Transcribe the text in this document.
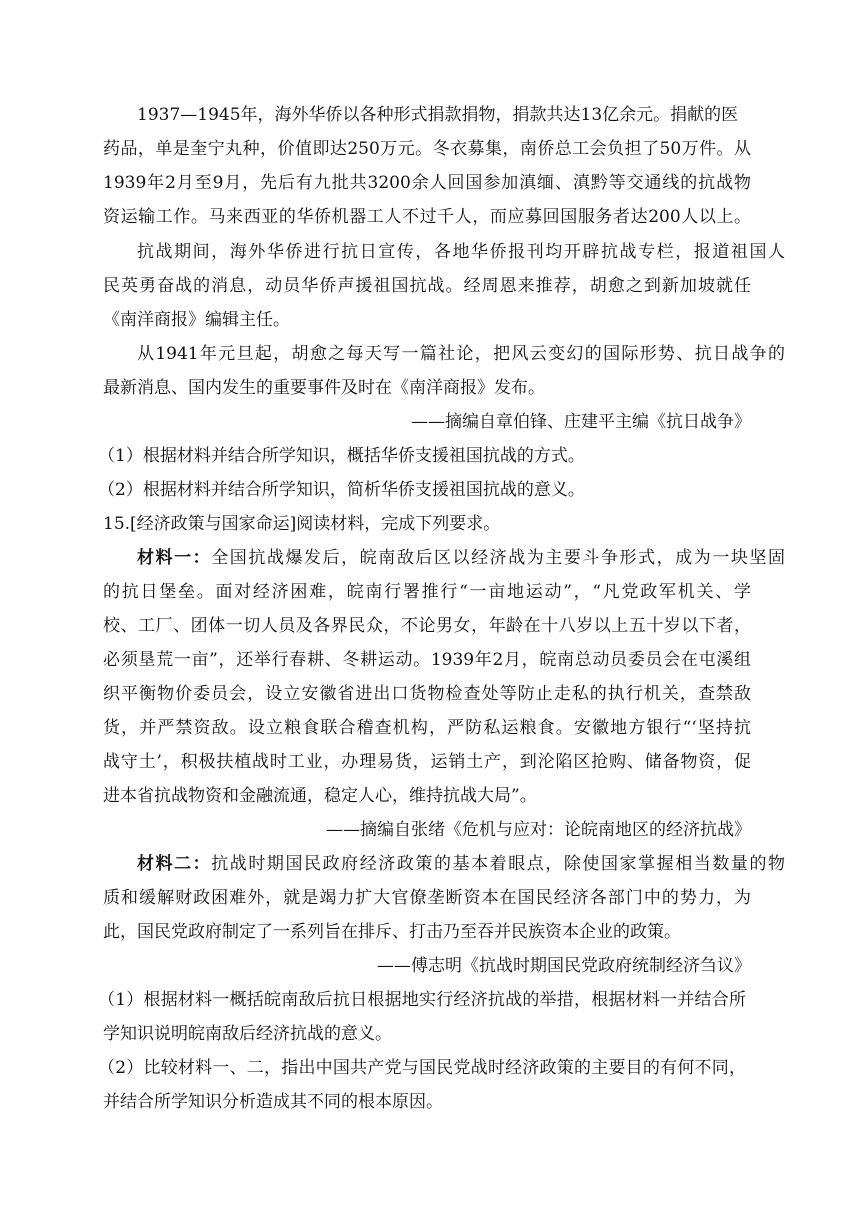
1937—1945年，海外华侨以各种形式捐款捐物，捐款共达13亿余元。捐献的医
药品，单是奎宁丸种，价值即达250万元。冬衣募集，南侨总工会负担了50万件。从
1939年2月至9月，先后有九批共3200余人回国参加滇缅、滇黔等交通线的抗战物
资运输工作。马来西亚的华侨机器工人不过千人，而应募回国服务者达200人以上。
抗战期间，海外华侨进行抗日宣传，各地华侨报刊均开辟抗战专栏，报道祖国人
民英勇奋战的消息，动员华侨声援祖国抗战。经周恩来推荐，胡愈之到新加坡就任
《南洋商报》编辑主任。
从1941年元旦起，胡愈之每天写一篇社论，把风云变幻的国际形势、抗日战争的
最新消息、国内发生的重要事件及时在《南洋商报》发布。
——摘编自章伯锋、庄建平主编《抗日战争》
（1）根据材料并结合所学知识，概括华侨支援祖国抗战的方式。
（2）根据材料并结合所学知识，简析华侨支援祖国抗战的意义。
15.[经济政策与国家命运]阅读材料，完成下列要求。
材料一：全国抗战爆发后，皖南敌后区以经济战为主要斗争形式，成为一块坚固
的抗日堡垒。面对经济困难，皖南行署推行“一亩地运动”，“凡党政军机关、学
校、工厂、团体一切人员及各界民众，不论男女，年龄在十八岁以上五十岁以下者，
必须垦荒一亩”，还举行春耕、冬耕运动。1939年2月，皖南总动员委员会在屯溪组
织平衡物价委员会，设立安徽省进出口货物检查处等防止走私的执行机关，查禁敌
货，并严禁资敌。设立粮食联合稽查机构，严防私运粮食。安徽地方银行“‘坚持抗
战守土’，积极扶植战时工业，办理易货，运销土产，到沦陷区抢购、储备物资，促
进本省抗战物资和金融流通，稳定人心，维持抗战大局”。
——摘编自张绪《危机与应对：论皖南地区的经济抗战》
材料二：抗战时期国民政府经济政策的基本着眼点，除使国家掌握相当数量的物
质和缓解财政困难外，就是竭力扩大官僚垄断资本在国民经济各部门中的势力，为
此，国民党政府制定了一系列旨在排斥、打击乃至吞并民族资本企业的政策。
——傅志明《抗战时期国民党政府统制经济刍议》
（1）根据材料一概括皖南敌后抗日根据地实行经济抗战的举措，根据材料一并结合所
学知识说明皖南敌后经济抗战的意义。
（2）比较材料一、二，指出中国共产党与国民党战时经济政策的主要目的有何不同，
并结合所学知识分析造成其不同的根本原因。
